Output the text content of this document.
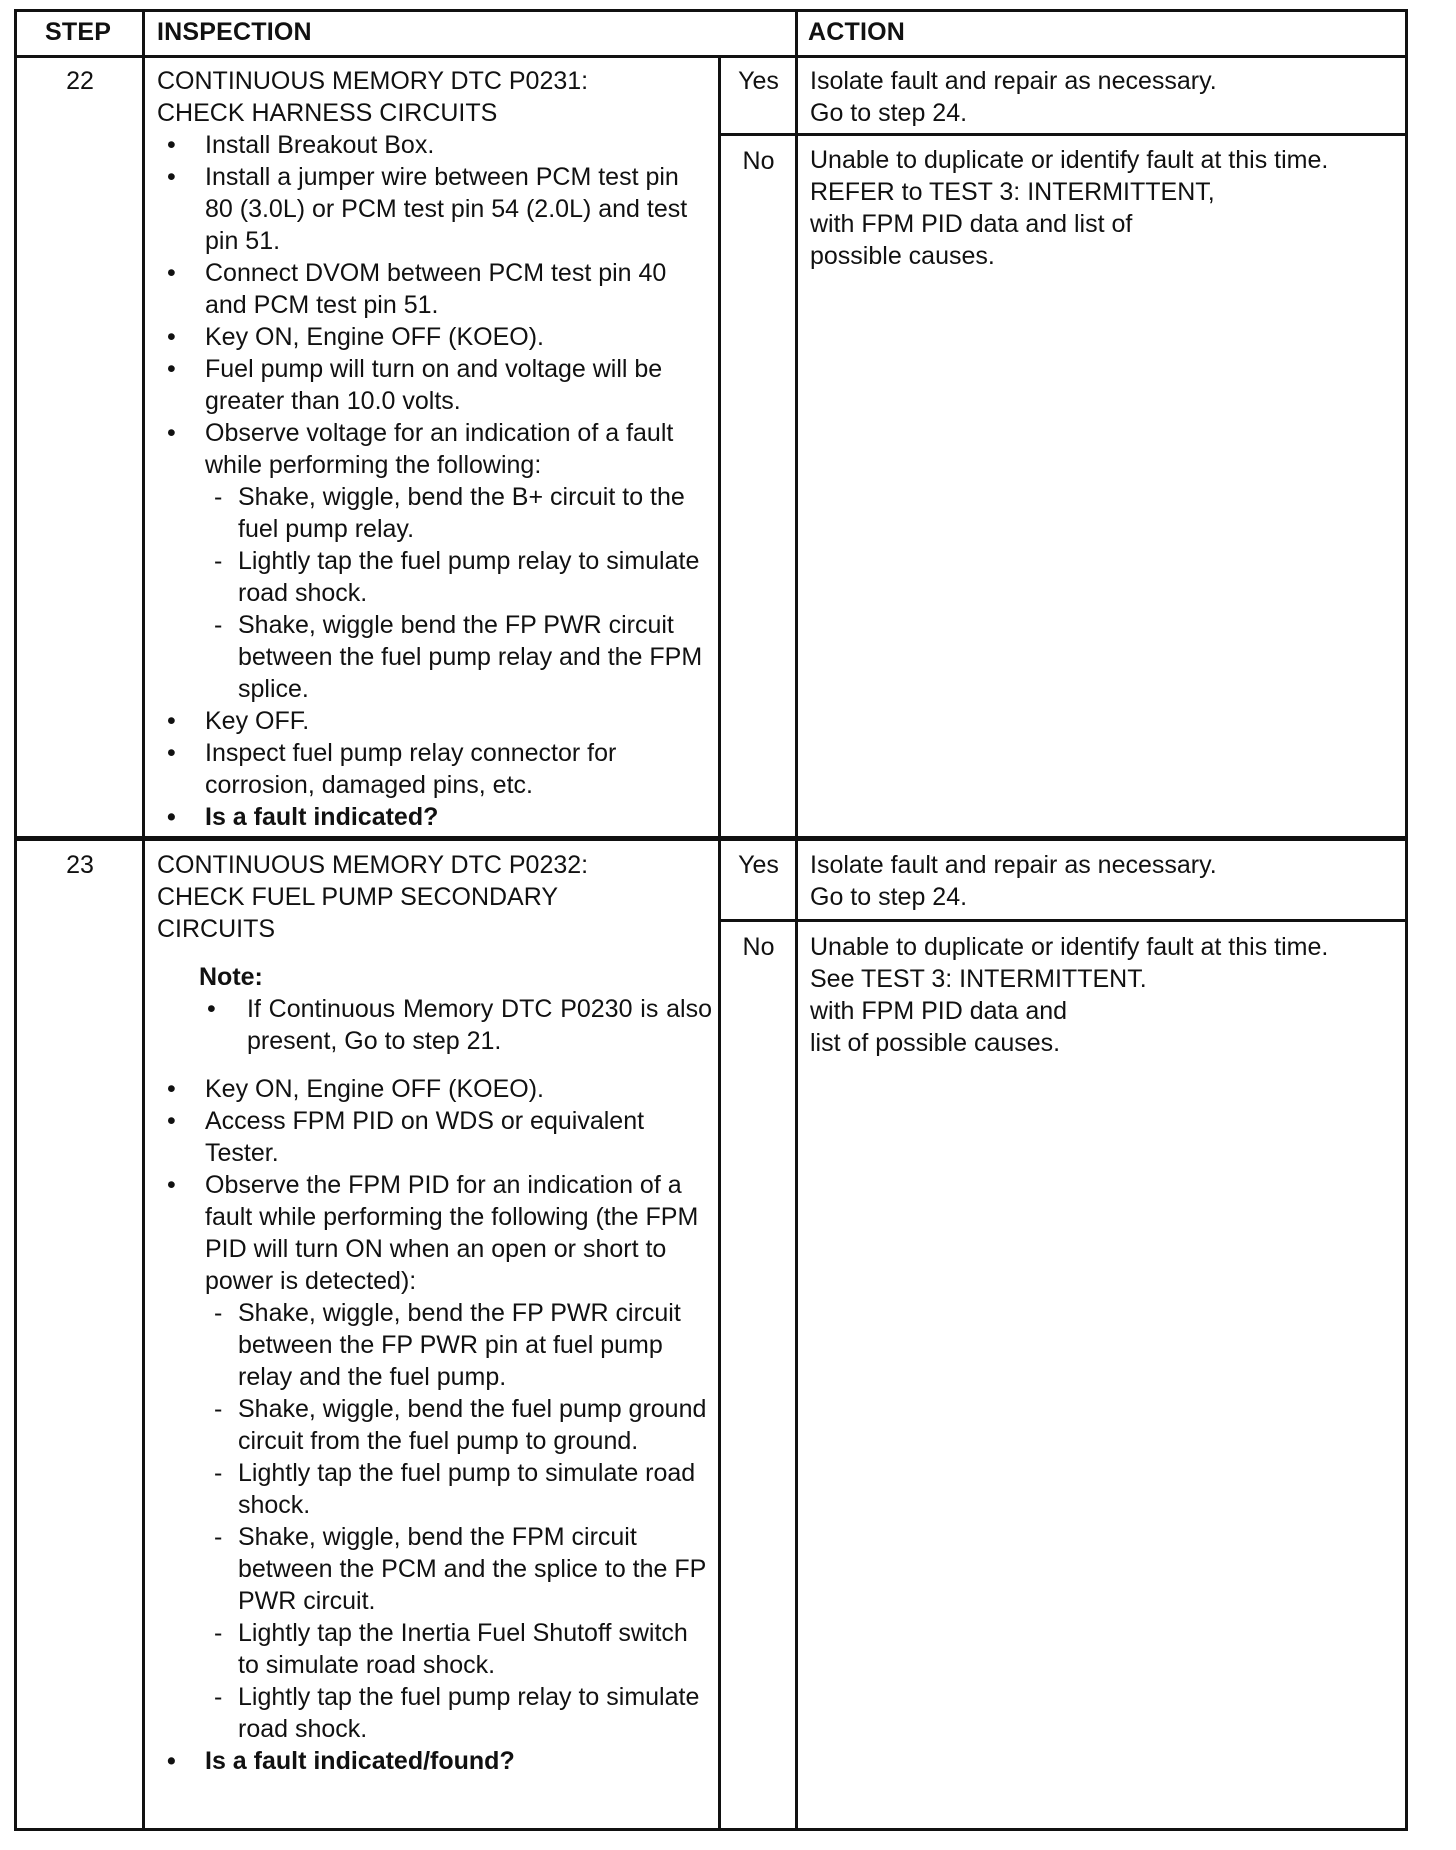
STEP INSPECTION	ACTION
22	CONTINUOUS MEMORY DTC P0231:
CHECK HARNESS CIRCUITS
• Install Breakout Box.
• Install a jumper wire between PCM test pin 80 (3.0L) or PCM test pin 54 (2.0L) and test pin 51.
• Connect DVOM between PCM test pin 40 and PCM test pin 51.
• Key ON, Engine OFF (KOEO).
• Fuel pump will turn on and voltage will be greater than 10.0 volts.
• Observe voltage for an indication of a fault while performing the following:
- Shake, wiggle, bend the B+ circuit to the fuel pump relay.
- Lightly tap the fuel pump relay to simulate road shock.
- Shake, wiggle bend the FP PWR circuit between the fuel pump relay and the FPM splice.
• Key OFF.
• Inspect fuel pump relay connector for corrosion, damaged pins, etc.
• Is a fault indicated?
Yes	Isolate fault and repair as necessary.
Go to step 24.
No	Unable to duplicate or identify fault at this time.
REFER to TEST 3: INTERMITTENT,
with FPM PID data and list of
possible causes.
23	CONTINUOUS MEMORY DTC P0232:
CHECK FUEL PUMP SECONDARY
CIRCUITS
Note:
• If Continuous Memory DTC P0230 is also present, Go to step 21.
• Key ON, Engine OFF (KOEO).
• Access FPM PID on WDS or equivalent Tester.
• Observe the FPM PID for an indication of a fault while performing the following (the FPM PID will turn ON when an open or short to power is detected):
- Shake, wiggle, bend the FP PWR circuit between the FP PWR pin at fuel pump relay and the fuel pump.
- Shake, wiggle, bend the fuel pump ground circuit from the fuel pump to ground.
- Lightly tap the fuel pump to simulate road shock.
- Shake, wiggle, bend the FPM circuit between the PCM and the splice to the FP PWR circuit.
- Lightly tap the Inertia Fuel Shutoff switch to simulate road shock.
- Lightly tap the fuel pump relay to simulate road shock.
• Is a fault indicated/found?
Yes	Isolate fault and repair as necessary.
Go to step 24.
No	Unable to duplicate or identify fault at this time.
See TEST 3: INTERMITTENT.
with FPM PID data and
list of possible causes.
